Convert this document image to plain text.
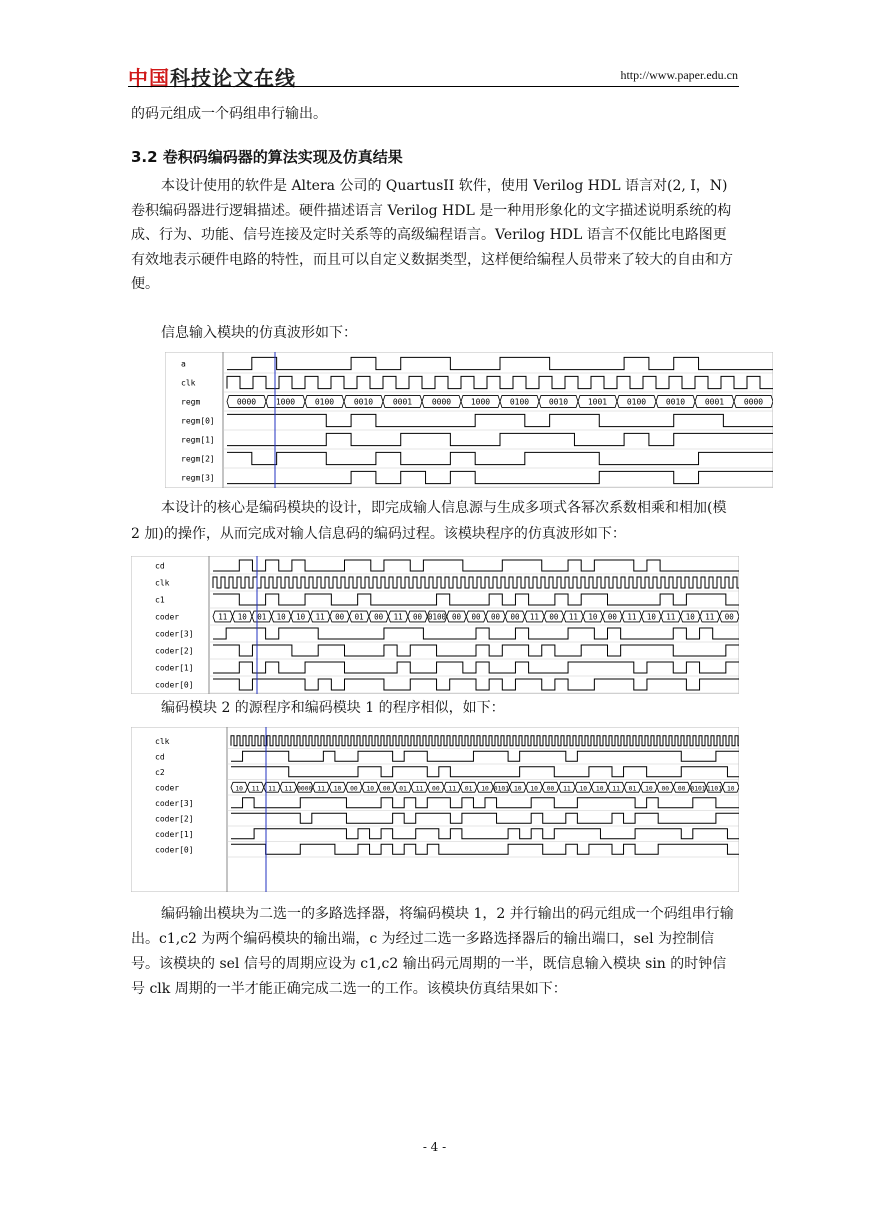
中国科技论文在线	http://www.paper.edu.cn
的码元组成一个码组串行输出。
3.2 卷积码编码器的算法实现及仿真结果
本设计使用的软件是 Altera 公司的 QuartusII 软件，使用 Verilog HDL 语言对(2, I，N)卷积编码器进行逻辑描述。硬件描述语言 Verilog HDL 是一种用形象化的文字描述说明系统的构成、行为、功能、信号连接及定时关系等的高级编程语言。Verilog HDL 语言不仅能比电路图更有效地表示硬件电路的特性，而且可以自定义数据类型，这样便给编程人员带来了较大的自由和方便。
信息输入模块的仿真波形如下：
a
clk
regm	0000 1000 0100 0010 0001 0000 1000 0100 0010 1001 0100 0010 0001 0000
regm[0]
regm[1]
regm[2]
regm[3]
本设计的核心是编码模块的设计，即完成输人信息源与生成多项式各幂次系数相乘和相加(模 2 加)的操作，从而完成对输人信息码的编码过程。该模块程序的仿真波形如下：
cd
clk
c1
coder	11 10 01 10 10 11 00 01 00 11 00 0100 00 00 00 00 11 00 11 10 00 11 10 11 10 11 00
coder[3]
coder[2]
coder[1]
coder[0]
编码模块 2 的源程序和编码模块 1 的程序相似，如下：
clk
cd
c2
coder	10 11 11 11 0000 11 10 00 10 00 01 11 00 11 01 10 0101 10 10 00 11 10 10 11 01 10 00 00 0101 1101 10
coder[3]
coder[2]
coder[1]
coder[0]
编码输出模块为二选一的多路选择器，将编码模块 1，2 并行输出的码元组成一个码组串行输出。c1,c2 为两个编码模块的输出端，c 为经过二选一多路选择器后的输出端口，sel 为控制信号。该模块的 sel 信号的周期应设为 c1,c2 输出码元周期的一半，既信息输入模块 sin 的时钟信号 clk 周期的一半才能正确完成二选一的工作。该模块仿真结果如下：
- 4 -
